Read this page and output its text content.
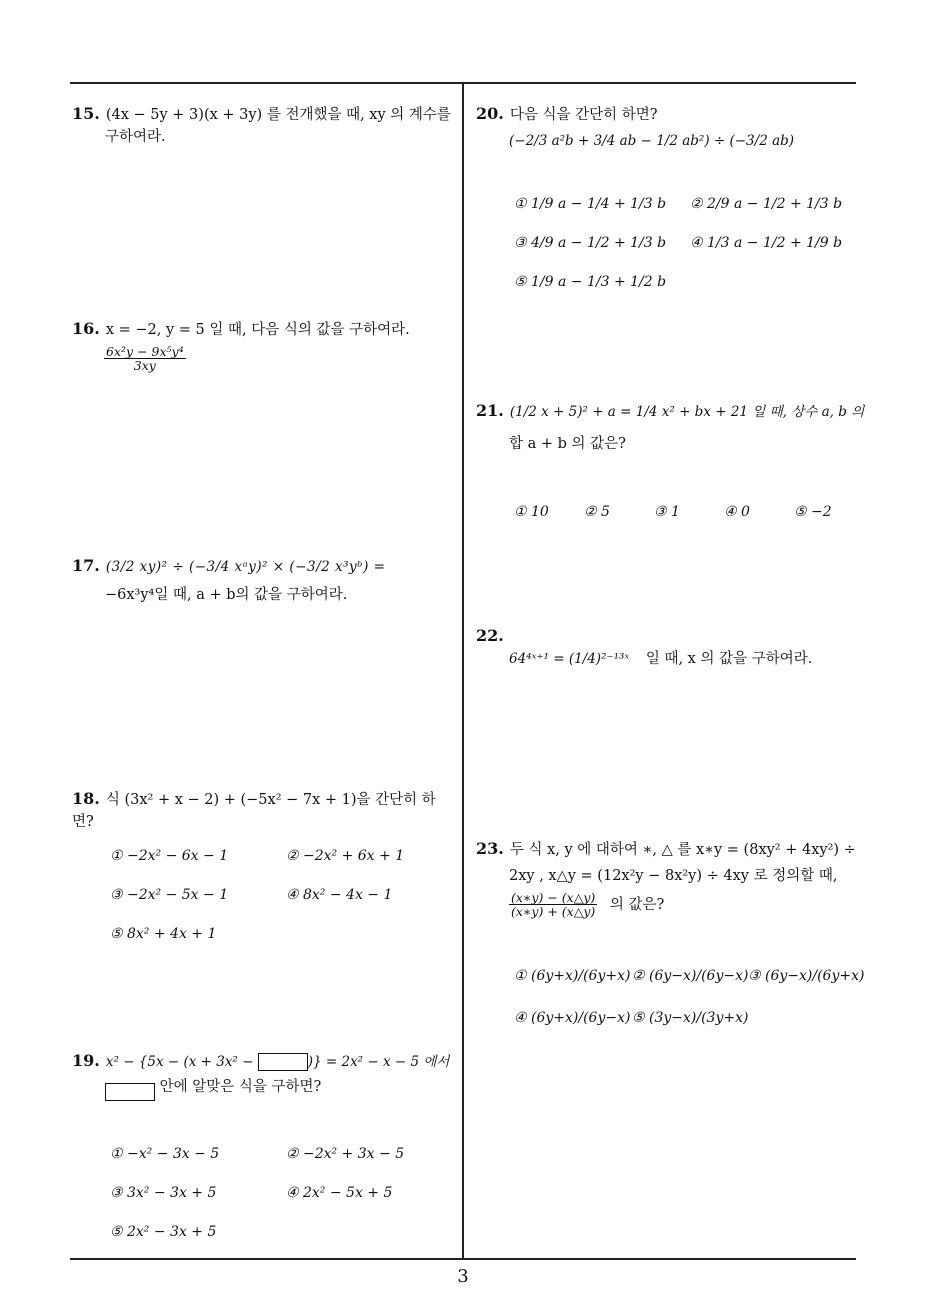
15. (4x − 5y + 3)(x + 3y) 를 전개했을 때, xy 의 계수를
구하여라.
16. x = −2, y = 5 일 때, 다음 식의 값을 구하여라.

$\frac{\text{6x²y − 9x⁵y⁴}}{3xy}$
17. (3/2 xy)² ÷ (−3/4 xᵃy)² × (−3/2 x³yᵇ) =
−6x³y⁴일 때, a + b의 값을 구하여라.
18. 식 (3x² + x − 2) + (−5x² − 7x + 1)을 간단히 하면?
① −2x² − 6x − 1	② −2x² + 6x + 1
③ −2x² − 5x − 1	④ 8x² − 4x − 1
⑤ 8x² + 4x + 1
19. x² − {5x − (x + 3x² −	)} = 2x² − x − 5 에서
안에 알맞은 식을 구하면?
① −x² − 3x − 5	② −2x² + 3x − 5
③ 3x² − 3x + 5	④ 2x² − 5x + 5
⑤ 2x² − 3x + 5
20. 다음 식을 간단히 하면?
(−2/3 a²b + 3/4 ab − 1/2 ab²) ÷ (−3/2 ab)
① 1/9 a − 1/4 + 1/3 b ② 2/9 a − 1/2 + 1/3 b
③ 4/9 a − 1/2 + 1/3 b ④ 1/3 a − 1/2 + 1/9 b
⑤ 1/9 a − 1/3 + 1/2 b
21. (1/2 x + 5)² + a = 1/4 x² + bx + 21 일 때, 상수 a, b 의
합 a + b 의 값은?
① 10	② 5	③ 1	④ 0	⑤ −2
22.
64⁴ˣ⁺¹ = (1/4)²⁻¹³ˣ 일 때, x 의 값을 구하여라.
23. 두 식 x, y 에 대하여 ∗, △ 를 x∗y = (8xy² + 4xy²) ÷
2xy , x△y = (12x²y − 8x²y) ÷ 4xy 로 정의할 때,

$\frac{(x∗y) - (x\triangle y)}{(x∗y) + (x\triangle y)}$ 의 값은?
① (6y+x)/(6y+x) ② (6y−x)/(6y−x) ③ (6y−x)/(6y+x)
④ (6y+x)/(6y−x) ⑤ (3y−x)/(3y+x)
3
